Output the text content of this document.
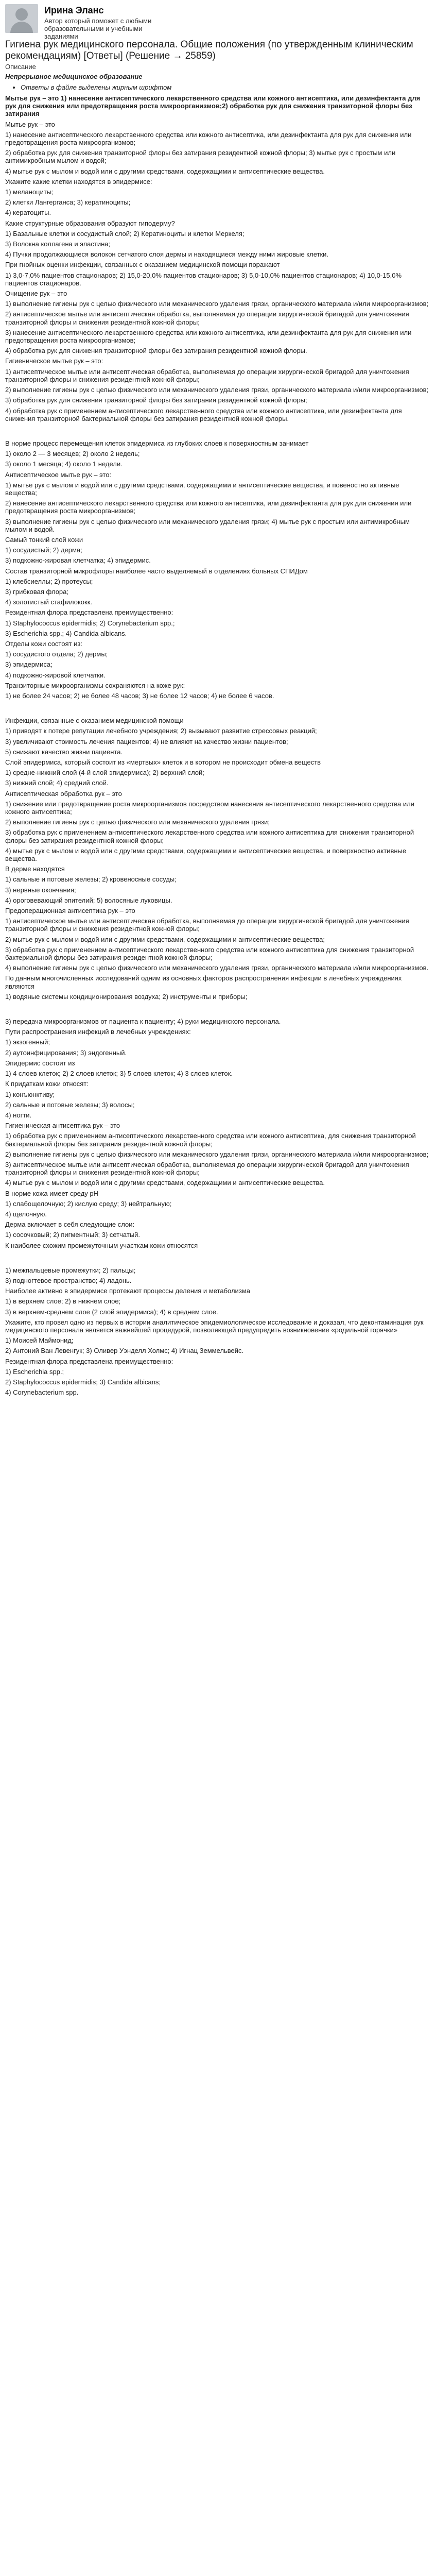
Ирина Эланс
Автор который поможет с любыми образовательными и учебными заданиями
Гигиена рук медицинского персонала. Общие положения (по утвержденным клиническим рекомендациям) [Ответы] (Решение → 25859)
Описание
Непрерывное медицинское образование
• Ответы в файле выделены жирным шрифтом

Мытье рук – это 1) нанесение антисептического лекарственного средства или кожного антисептика, или дезинфектанта для рук для снижения или предотвращения роста микроорганизмов;2) обработка рук для снижения транзиторной флоры без затирания

Мытье рук – это

1) нанесение антисептического лекарственного средства или кожного антисептика, или дезинфектанта для рук для снижения или предотвращения роста микроорганизмов;

2) обработка рук для снижения транзиторной флоры без затирания резидентной кожной флоры; 3) мытье рук с простым или антимикробным мылом и водой;

4) мытье рук с мылом и водой или с другими средствами, содержащими и антисептические вещества.

Укажите какие клетки находятся в эпидермисе:

1) меланоциты;

2) клетки Лангерганса; 3) кератиноциты;

4) кератоциты.

Какие структурные образования образуют гиподерму?

1) Базальные клетки и сосудистый слой; 2) Кератиноциты и клетки Меркеля;

3) Волокна коллагена и эластина;

4) Пучки продолжающиеся волокон сетчатого слоя дермы и находящиеся между ними жировые клетки.

При гнойных оценки инфекции, связанных с оказанием медицинской помощи поражают

1) 3,0-7,0% пациентов стационаров; 2) 15,0-20,0% пациентов стационаров; 3) 5,0-10,0% пациентов стационаров; 4) 10,0-15,0% пациентов стационаров.

Очищение рук – это

1) выполнение гигиены рук с целью физического или механического удаления грязи, органического материала и/или микроорганизмов;

2) антисептическое мытье или антисептическая обработка, выполняемая до операции хирургической бригадой для уничтожения транзиторной флоры и снижения резидентной кожной флоры;

3) нанесение антисептического лекарственного средства или кожного антисептика, или дезинфектанта для рук для снижения или предотвращения роста микроорганизмов;

4) обработка рук для снижения транзиторной флоры без затирания резидентной кожной флоры.

Гигиеническое мытье рук – это:

1) антисептическое мытье или антисептическая обработка, выполняемая до операции хирургической бригадой для уничтожения транзиторной флоры и снижения резидентной кожной флоры;

2) выполнение гигиены рук с целью физического или механического удаления грязи, органического материала и/или микроорганизмов;

3) обработка рук для снижения транзиторной флоры без затирания резидентной кожной флоры;

4) обработка рук с применением антисептического лекарственного средства или кожного антисептика, или дезинфектанта для снижения транзиторной бактериальной флоры без затирания резидентной кожной флоры.

В норме процесс перемещения клеток эпидермиса из глубоких слоев к поверхностным занимает

1) около 2 — 3 месяцев; 2) около 2 недель;

3) около 1 месяца; 4) около 1 недели.

Антисептическое мытье рук – это:

1) мытье рук с мылом и водой или с другими средствами, содержащими и антисептические вещества, и повеностно активные вещества;

2) нанесение антисептического лекарственного средства или кожного антисептика, или дезинфектанта для рук для снижения или предотвращения роста микроорганизмов;

3) выполнение гигиены рук с целью физического или механического удаления грязи; 4) мытье рук с простым или антимикробным мылом и водой.

Самый тонкий слой кожи

1) сосудистый; 2) дерма;

3) подкожно-жировая клетчатка; 4) эпидермис.

Состав транзиторной микрофлоры наиболее часто выделяемый в отделениях больных СПИДом

1) клебсиеллы; 2) протеусы;

3) грибковая флора;

4) золотистый стафилококк.

Резидентная флора представлена преимущественно:

1) Staphylococcus epidermidis; 2) Corynebacterium spp.;

3) Escherichia spp.; 4) Candida albicans.

Отделы кожи состоят из:

1) сосудистого отдела; 2) дермы;

3) эпидермиса;

4) подкожно-жировой клетчатки.

Транзиторные микроорганизмы сохраняются на коже рук:

1) не более 24 часов; 2) не более 48 часов; 3) не более 12 часов; 4) не более 6 часов.

Инфекции, связанные с оказанием медицинской помощи

1) приводят к потере репутации лечебного учреждения; 2) вызывают развитие стрессовых реакций;

3) увеличивают стоимость лечения пациентов; 4) не влияют на качество жизни пациентов;

5) снижают качество жизни пациента.

Слой эпидермиса, который состоит из «мертвых» клеток и в котором не происходит обмена веществ

1) средне-нижний слой (4-й слой эпидермиса); 2) верхний слой;

3) нижний слой; 4) средний слой.

Антисептическая обработка рук – это

1) снижение или предотвращение роста микроорганизмов посредством нанесения антисептического лекарственного средства или кожного антисептика;

2) выполнение гигиены рук с целью физического или механического удаления грязи;

3) обработка рук с применением антисептического лекарственного средства или кожного антисептика для снижения транзиторной флоры без затирания резидентной кожной флоры;

4) мытье рук с мылом и водой или с другими средствами, содержащими и антисептические вещества, и поверхностно активные вещества.

В дерме находятся

1) сальные и потовые железы; 2) кровеносные сосуды;

3) нервные окончания;

4) ороговевающий эпителий; 5) волосяные луковицы.

Предоперационная антисептика рук – это

1) антисептическое мытье или антисептическая обработка, выполняемая до операции хирургической бригадой для уничтожения транзиторной флоры и снижения резидентной кожной флоры;

2) мытье рук с мылом и водой или с другими средствами, содержащими и антисептические вещества;

3) обработка рук с применением антисептического лекарственного средства или кожного антисептика для снижения транзиторной бактериальной флоры без затирания резидентной кожной флоры;

4) выполнение гигиены рук с целью физического или механического удаления грязи, органического материала и/или микроорганизмов.

По данным многочисленных исследований одним из основных факторов распространения инфекции в лечебных учреждениях являются

1) водяные системы кондиционирования воздуха; 2) инструменты и приборы;

3) передача микроорганизмов от пациента к пациенту; 4) руки медицинского персонала.

Пути распространения инфекций в лечебных учреждениях:

1) экзогенный;

2) аутоинфицирования; 3) эндогенный.

Эпидермис состоит из

1) 4 слоев клеток; 2) 2 слоев клеток; 3) 5 слоев клеток; 4) 3 слоев клеток.

К придаткам кожи относят:

1) конъюнктиву;

2) сальные и потовые железы; 3) волосы;

4) ногти.

Гигиеническая антисептика рук – это

1) обработка рук с применением антисептического лекарственного средства или кожного антисептика, для снижения транзиторной бактериальной флоры без затирания резидентной кожной флоры;

2) выполнение гигиены рук с целью физического или механического удаления грязи, органического материала и/или микроорганизмов;

3) антисептическое мытье или антисептическая обработка, выполняемая до операции хирургической бригадой для уничтожения транзиторной флоры и снижения резидентной кожной флоры;

4) мытье рук с мылом и водой или с другими средствами, содержащими и антисептические вещества.

В норме кожа имеет среду pH

1) слабощелочную; 2) кислую среду; 3) нейтральную;

4) щелочную.

Дерма включает в себя следующие слои:

1) сосочковый; 2) пигментный; 3) сетчатый.

К наиболее схожим промежуточным участкам кожи относятся

1) межпальцевые промежутки; 2) пальцы;

3) подногтевое пространство; 4) ладонь.

Наиболее активно в эпидермисе протекают процессы деления и метаболизма

1) в верхнем слое; 2) в нижнем слое;

3) в верхнем-среднем слое (2 слой эпидермиса); 4) в среднем слое.

Укажите, кто провел одно из первых в истории аналитическое эпидемиологическое исследование и доказал, что деконтаминация рук медицинского персонала является важнейшей процедурой, позволяющей предупредить возникновение «родильной горячки»

1) Моисей Маймонид;

2) Антоний Ван Левенгук; 3) Оливер Уэнделл Холмс; 4) Игнац Земмельвейс.

Резидентная флора представлена преимущественно:

1) Escherichia spp.;

2) Staphylococcus epidermidis; 3) Candida albicans;

4) Corynebacterium spp.
